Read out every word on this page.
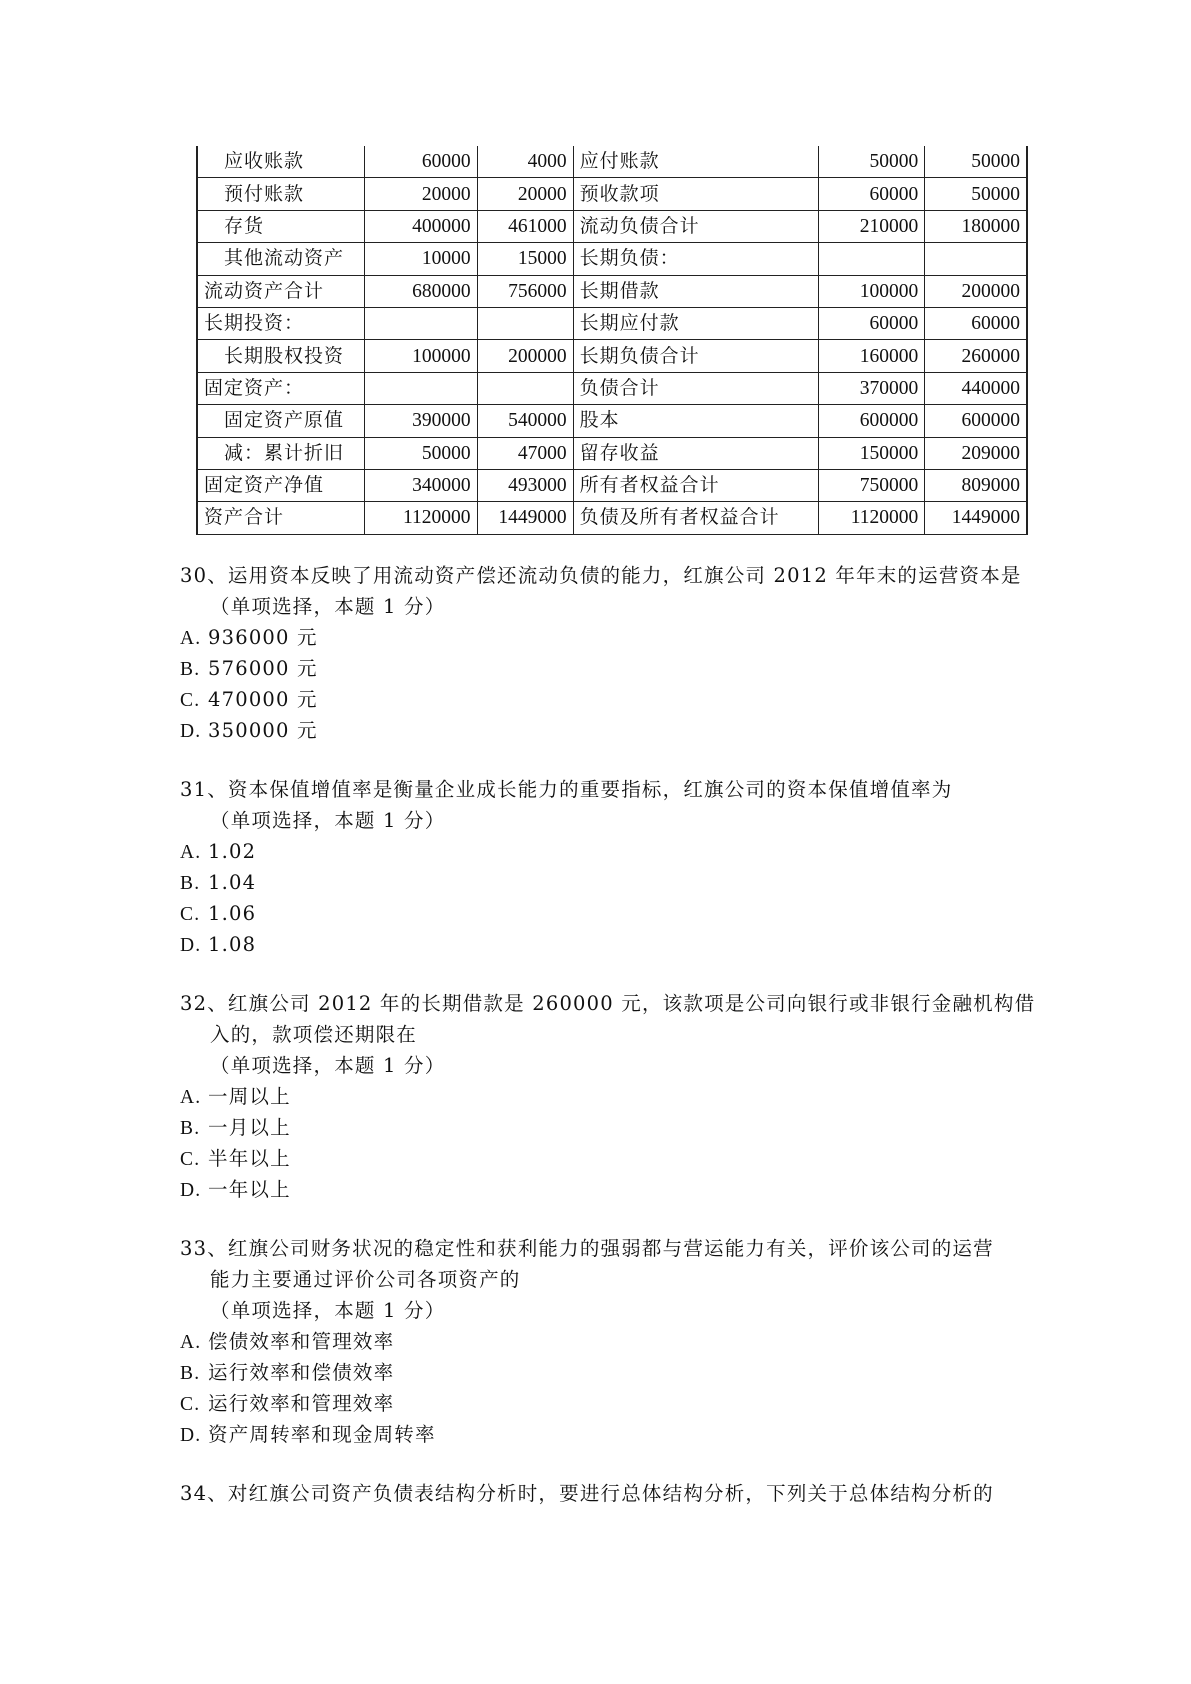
应收账款	60000	4000	应付账款	50000	50000
预付账款	20000	20000	预收款项	60000	50000
存货	400000	461000	流动负债合计	210000	180000
其他流动资产	10000	15000	长期负债：		
流动资产合计	680000	756000	长期借款	100000	200000
长期投资：			长期应付款	60000	60000
长期股权投资	100000	200000	长期负债合计	160000	260000
固定资产：			负债合计	370000	440000
固定资产原值	390000	540000	股本	600000	600000
减：累计折旧	50000	47000	留存收益	150000	209000
固定资产净值	340000	493000	所有者权益合计	750000	809000
资产合计	1120000	1449000	负债及所有者权益合计	1120000	1449000
30、运用资本反映了用流动资产偿还流动负债的能力，红旗公司 2012 年年末的运营资本是
（单项选择，本题 1 分）
A. 936000 元
B. 576000 元
C. 470000 元
D. 350000 元
31、资本保值增值率是衡量企业成长能力的重要指标，红旗公司的资本保值增值率为
（单项选择，本题 1 分）
A. 1.02
B. 1.04
C. 1.06
D. 1.08
32、红旗公司 2012 年的长期借款是 260000 元，该款项是公司向银行或非银行金融机构借
入的，款项偿还期限在
（单项选择，本题 1 分）
A. 一周以上
B. 一月以上
C. 半年以上
D. 一年以上
33、红旗公司财务状况的稳定性和获利能力的强弱都与营运能力有关，评价该公司的运营
能力主要通过评价公司各项资产的
（单项选择，本题 1 分）
A. 偿债效率和管理效率
B. 运行效率和偿债效率
C. 运行效率和管理效率
D. 资产周转率和现金周转率
34、对红旗公司资产负债表结构分析时，要进行总体结构分析，下列关于总体结构分析的
